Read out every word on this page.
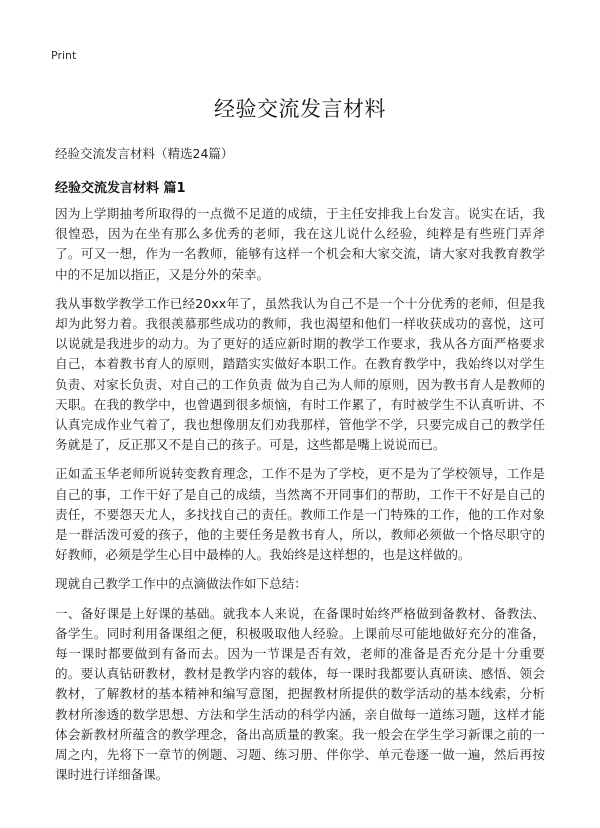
Print
经验交流发言材料
经验交流发言材料（精选24篇）
经验交流发言材料 篇1

因为上学期抽考所取得的一点微不足道的成绩，于主任安排我上台发言。说实在话，我很惶恐，因为在坐有那么多优秀的老师，我在这儿说什么经验，纯粹是有些班门弄斧了。可又一想，作为一名教师，能够有这样一个机会和大家交流，请大家对我教育教学中的不足加以指正，又是分外的荣幸。

我从事数学教学工作已经20xx年了，虽然我认为自己不是一个十分优秀的老师，但是我却为此努力着。我很羡慕那些成功的教师，我也渴望和他们一样收获成功的喜悦，这可以说就是我进步的动力。为了更好的适应新时期的教学工作要求，我从各方面严格要求自己，本着教书育人的原则，踏踏实实做好本职工作。在教育教学中，我始终以对学生负责、对家长负责、对自己的工作负责 做为自己为人师的原则，因为教书育人是教师的天职。在我的教学中，也曾遇到很多烦恼，有时工作累了，有时被学生不认真听讲、不认真完成作业气着了，我也想像朋友们劝我那样，管他学不学，只要完成自己的教学任务就是了，反正那又不是自己的孩子。可是，这些都是嘴上说说而已。

正如孟玉华老师所说转变教育理念，工作不是为了学校，更不是为了学校领导，工作是自己的事，工作干好了是自己的成绩，当然离不开同事们的帮助，工作干不好是自己的责任，不要怨天尤人，多找找自己的责任。教师工作是一门特殊的工作，他的工作对象是一群活泼可爱的孩子，他的主要任务是教书育人，所以，教师必须做一个恪尽职守的好教师，必须是学生心目中最棒的人。我始终是这样想的，也是这样做的。

现就自己教学工作中的点滴做法作如下总结：

一、备好课是上好课的基础。就我本人来说，在备课时始终严格做到备教材、备教法、备学生。同时利用备课组之便，积极吸取他人经验。上课前尽可能地做好充分的准备，每一课时都要做到有备而去。因为一节课是否有效，老师的准备是否充分是十分重要的。要认真钻研教材，教材是教学内容的载体，每一课时我都要认真研读、感悟、领会教材，了解教材的基本精神和编写意图，把握教材所提供的数学活动的基本线索，分析教材所渗透的数学思想、方法和学生活动的科学内涵，亲自做每一道练习题，这样才能体会新教材所蕴含的教学理念，备出高质量的教案。我一般会在学生学习新课之前的一周之内，先将下一章节的例题、习题、练习册、伴你学、单元卷逐一做一遍，然后再按课时进行详细备课。
